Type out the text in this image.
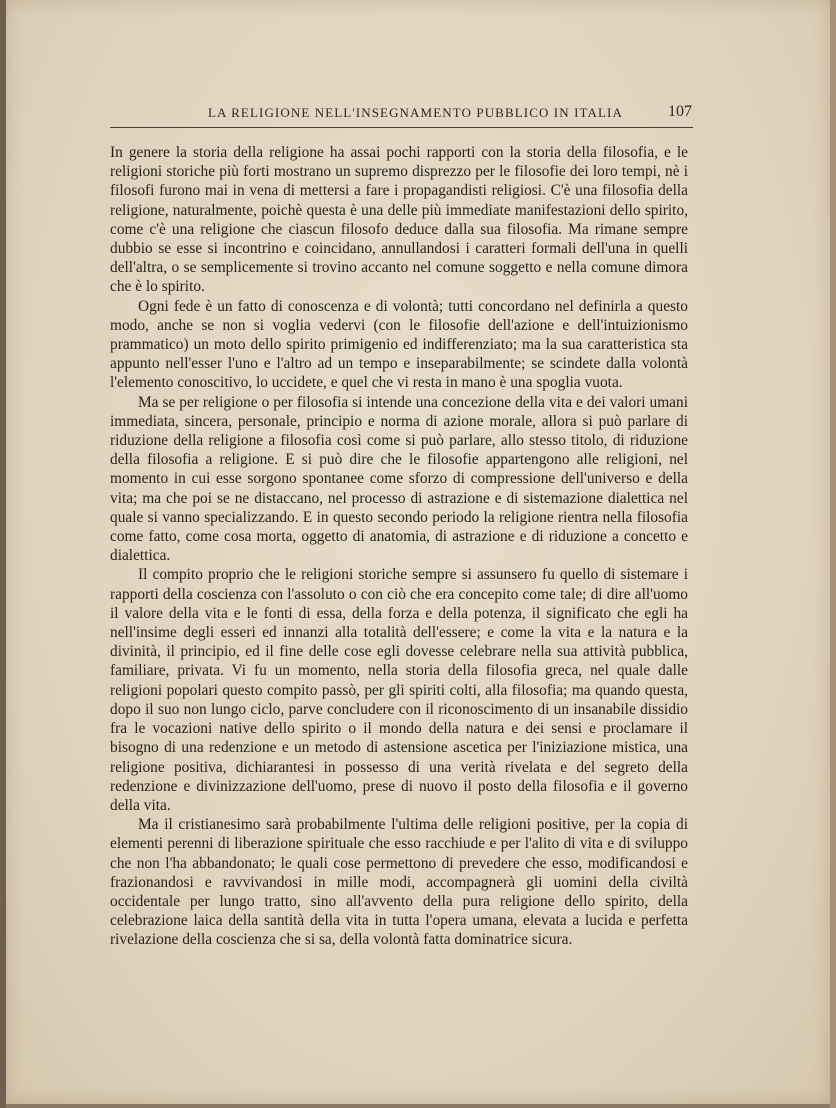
LA RELIGIONE NELL'INSEGNAMENTO PUBBLICO IN ITALIA	107

In genere la storia della religione ha assai pochi rapporti con la storia della filosofia, e le religioni storiche più forti mostrano un supremo disprezzo per le filosofie dei loro tempi, nè i filosofi furono mai in vena di mettersi a fare i propagandisti religiosi. C'è una filosofia della religione, naturalmente, poichè questa è una delle più immediate manifestazioni dello spirito, come c'è una religione che ciascun filosofo deduce dalla sua filosofia. Ma rimane sempre dubbio se esse si incontrino e coincidano, annullandosi i caratteri formali dell'una in quelli dell'altra, o se semplicemente si trovino accanto nel comune soggetto e nella comune dimora che è lo spirito.

Ogni fede è un fatto di conoscenza e di volontà; tutti concordano nel definirla a questo modo, anche se non si voglia vedervi (con le filosofie dell'azione e dell'intuizionismo prammatico) un moto dello spirito primigenio ed indifferenziato; ma la sua caratteristica sta appunto nell'esser l'uno e l'altro ad un tempo e inseparabilmente; se scindete dalla volontà l'elemento conoscitivo, lo uccidete, e quel che vi resta in mano è una spoglia vuota.

Ma se per religione o per filosofia si intende una concezione della vita e dei valori umani immediata, sincera, personale, principio e norma di azione morale, allora si può parlare di riduzione della religione a filosofia così come si può parlare, allo stesso titolo, di riduzione della filosofia a religione. E si può dire che le filosofie appartengono alle religioni, nel momento in cui esse sorgono spontanee come sforzo di compressione dell'universo e della vita; ma che poi se ne distaccano, nel processo di astrazione e di sistemazione dialettica nel quale si vanno specializzando. E in questo secondo periodo la religione rientra nella filosofia come fatto, come cosa morta, oggetto di anatomia, di astrazione e di riduzione a concetto e dialettica.

Il compito proprio che le religioni storiche sempre si assunsero fu quello di sistemare i rapporti della coscienza con l'assoluto o con ciò che era concepito come tale; di dire all'uomo il valore della vita e le fonti di essa, della forza e della potenza, il significato che egli ha nell'insime degli esseri ed innanzi alla totalità dell'essere; e come la vita e la natura e la divinità, il principio, ed il fine delle cose egli dovesse celebrare nella sua attività pubblica, familiare, privata. Vi fu un momento, nella storia della filosofia greca, nel quale dalle religioni popolari questo compito passò, per gli spiriti colti, alla filosofia; ma quando questa, dopo il suo non lungo ciclo, parve concludere con il riconoscimento di un insanabile dissidio fra le vocazioni native dello spirito o il mondo della natura e dei sensi e proclamare il bisogno di una redenzione e un metodo di astensione ascetica per l'iniziazione mistica, una religione positiva, dichiarantesi in possesso di una verità rivelata e del segreto della redenzione e divinizzazione dell'uomo, prese di nuovo il posto della filosofia e il governo della vita.

Ma il cristianesimo sarà probabilmente l'ultima delle religioni positive, per la copia di elementi perenni di liberazione spirituale che esso racchiude e per l'alito di vita e di sviluppo che non l'ha abbandonato; le quali cose permettono di prevedere che esso, modificandosi e frazionandosi e ravvivandosi in mille modi, accompagnerà gli uomini della civiltà occidentale per lungo tratto, sino all'avvento della pura religione dello spirito, della celebrazione laica della santità della vita in tutta l'opera umana, elevata a lucida e perfetta rivelazione della coscienza che si sa, della volontà fatta dominatrice sicura.
